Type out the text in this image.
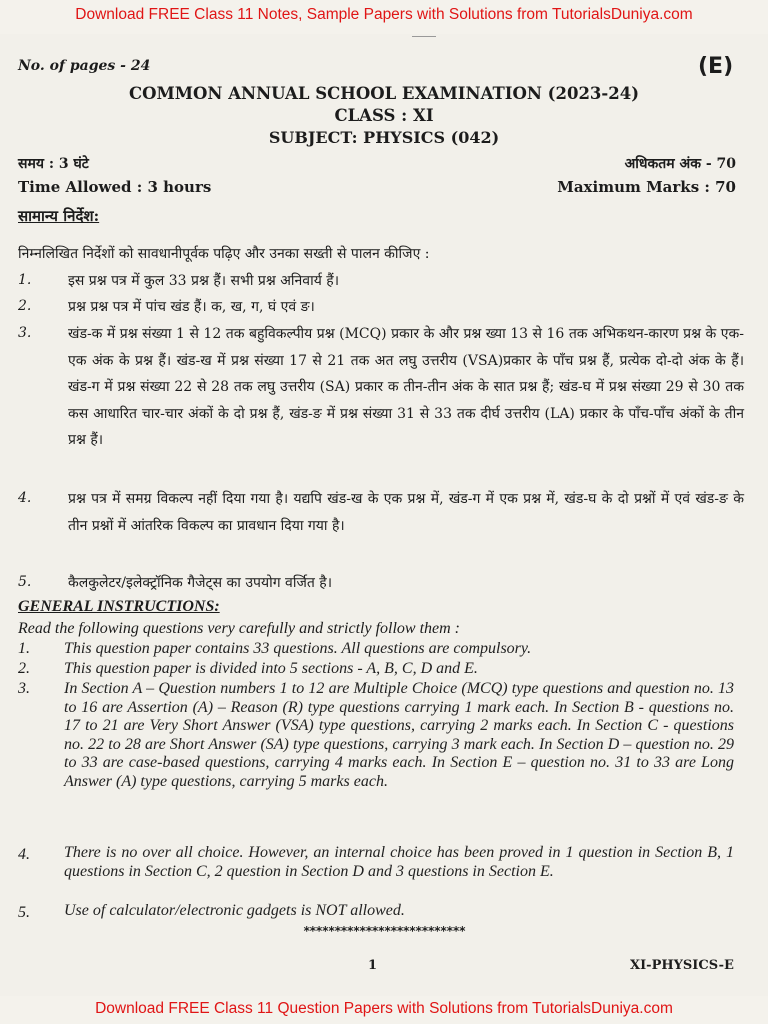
Download FREE Class 11 Notes, Sample Papers with Solutions from TutorialsDuniya.com
No. of pages - 24	(E)
COMMON ANNUAL SCHOOL EXAMINATION (2023-24)
CLASS : XI
SUBJECT: PHYSICS (042)
समय : 3 घंटे	अधिकतम अंक - 70
Time Allowed : 3 hours	Maximum Marks : 70
सामान्य निर्देश:
निम्नलिखित निर्देशों को सावधानीपूर्वक पढ़िए और उनका सख्ती से पालन कीजिए :
1.	इस प्रश्न पत्र में कुल 33 प्रश्न हैं। सभी प्रश्न अनिवार्य हैं।
2.	प्रश्न प्रश्न पत्र में पांच खंड हैं। क, ख, ग, घं एवं ङ।
3.	खंड-क में प्रश्न संख्या 1 से 12 तक बहुविकल्पीय प्रश्न (MCQ) प्रकार के और प्रश्न ख्या 13 से 16 तक अभिकथन-कारण प्रश्न के एक-एक अंक के प्रश्न हैं। खंड-ख में प्रश्न संख्या 17 से 21 तक अत लघु उत्तरीय (VSA)प्रकार के पाँच प्रश्न हैं, प्रत्येक दो-दो अंक के हैं। खंड-ग में प्रश्न संख्या 22 से 28 तक लघु उत्तरीय (SA) प्रकार क तीन-तीन अंक के सात प्रश्न हैं; खंड-घ में प्रश्न संख्या 29 से 30 तक कस आधारित चार-चार अंकों के दो प्रश्न हैं, खंड-ङ में प्रश्न संख्या 31 से 33 तक दीर्घ उत्तरीय (LA) प्रकार के पाँच-पाँच अंकों के तीन प्रश्न हैं।
4.	प्रश्न पत्र में समग्र विकल्प नहीं दिया गया है। यद्यपि खंड-ख के एक प्रश्न में, खंड-ग में एक प्रश्न में, खंड-घ के दो प्रश्नों में एवं खंड-ङ के तीन प्रश्नों में आंतरिक विकल्प का प्रावधान दिया गया है।
5.	कैलकुलेटर/इलेक्ट्रॉनिक गैजेट्स का उपयोग वर्जित है।
GENERAL INSTRUCTIONS:
Read the following questions very carefully and strictly follow them :
1. This question paper contains 33 questions. All questions are compulsory.
2. This question paper is divided into 5 sections - A, B, C, D and E.
3. In Section A – Question numbers 1 to 12 are Multiple Choice (MCQ) type questions and question no. 13 to 16 are Assertion (A) – Reason (R) type questions carrying 1 mark each. In Section B - questions no. 17 to 21 are Very Short Answer (VSA) type questions, carrying 2 marks each. In Section C - questions no. 22 to 28 are Short Answer (SA) type questions, carrying 3 mark each. In Section D – question no. 29 to 33 are case-based questions, carrying 4 marks each. In Section E – question no. 31 to 33 are Long Answer (A) type questions, carrying 5 marks each.
4. There is no over all choice. However, an internal choice has been proved in 1 question in Section B, 1 questions in Section C, 2 question in Section D and 3 questions in Section E.
5. Use of calculator/electronic gadgets is NOT allowed.
**************************
1	XI-PHYSICS-E
Download FREE Class 11 Question Papers with Solutions from TutorialsDuniya.com
